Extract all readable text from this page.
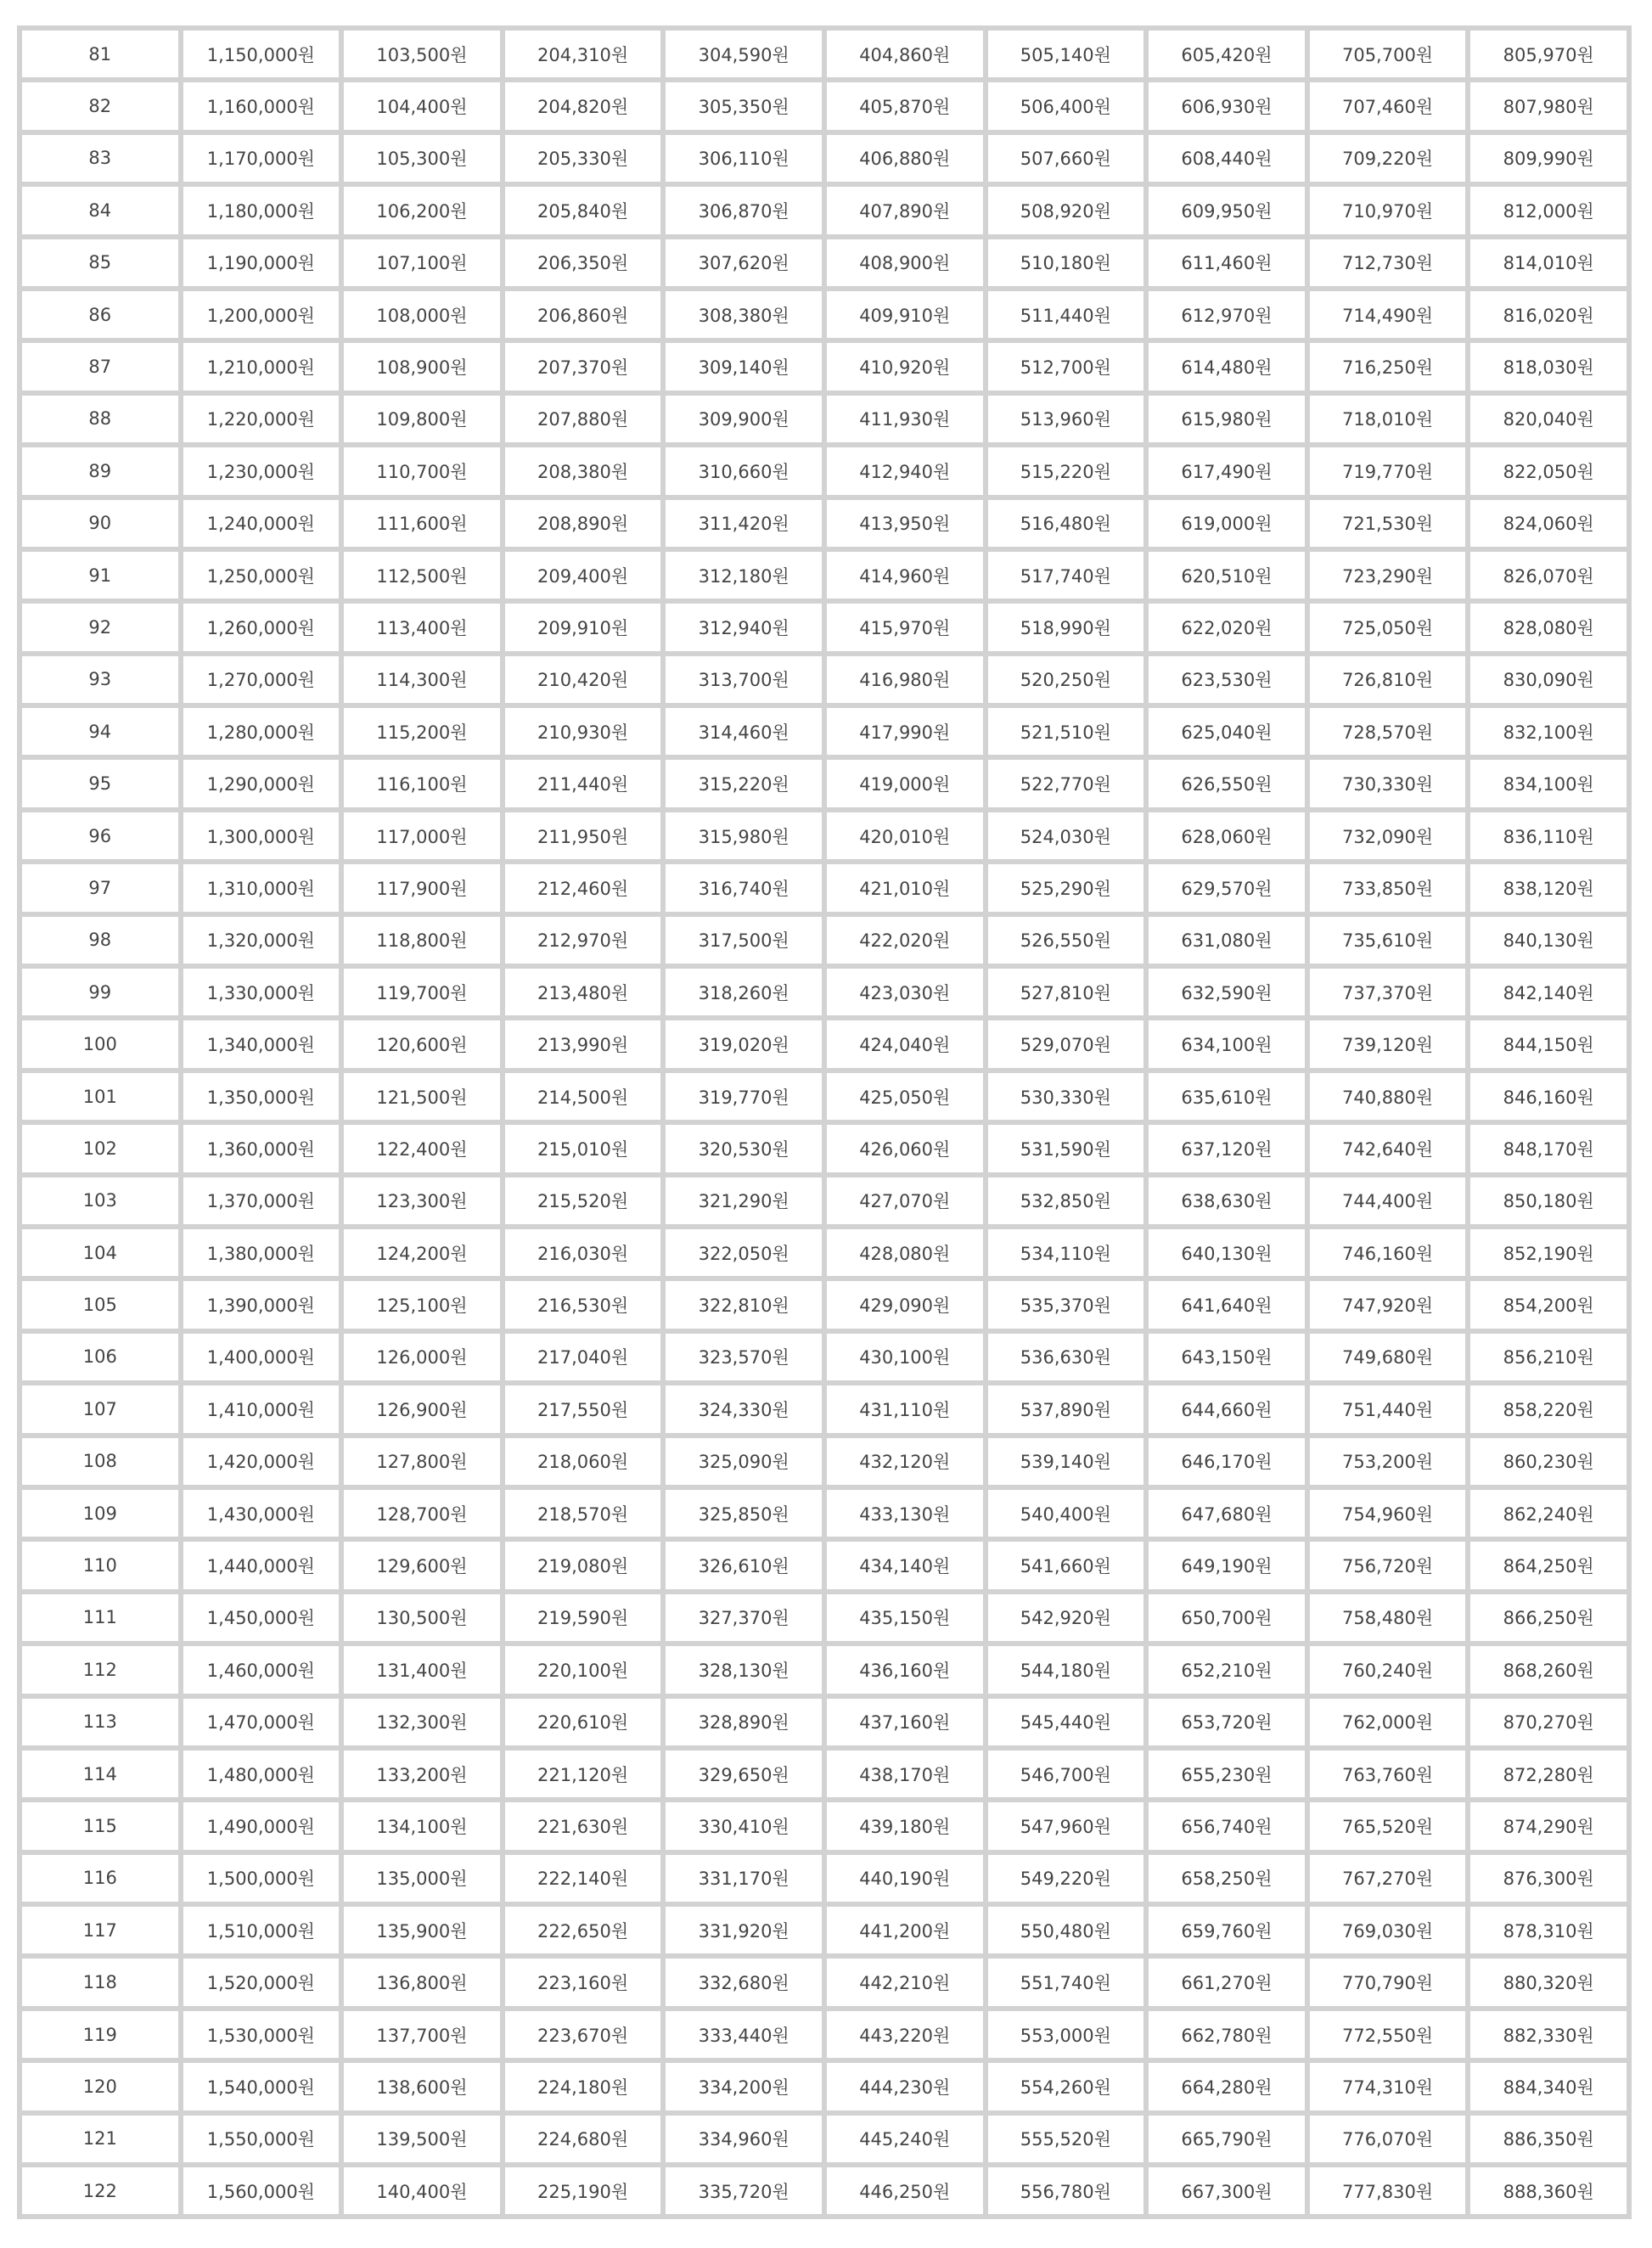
81	1,150,000원	103,500원	204,310원	304,590원	404,860원	505,140원	605,420원	705,700원	805,970원
82	1,160,000원	104,400원	204,820원	305,350원	405,870원	506,400원	606,930원	707,460원	807,980원
83	1,170,000원	105,300원	205,330원	306,110원	406,880원	507,660원	608,440원	709,220원	809,990원
84	1,180,000원	106,200원	205,840원	306,870원	407,890원	508,920원	609,950원	710,970원	812,000원
85	1,190,000원	107,100원	206,350원	307,620원	408,900원	510,180원	611,460원	712,730원	814,010원
86	1,200,000원	108,000원	206,860원	308,380원	409,910원	511,440원	612,970원	714,490원	816,020원
87	1,210,000원	108,900원	207,370원	309,140원	410,920원	512,700원	614,480원	716,250원	818,030원
88	1,220,000원	109,800원	207,880원	309,900원	411,930원	513,960원	615,980원	718,010원	820,040원
89	1,230,000원	110,700원	208,380원	310,660원	412,940원	515,220원	617,490원	719,770원	822,050원
90	1,240,000원	111,600원	208,890원	311,420원	413,950원	516,480원	619,000원	721,530원	824,060원
91	1,250,000원	112,500원	209,400원	312,180원	414,960원	517,740원	620,510원	723,290원	826,070원
92	1,260,000원	113,400원	209,910원	312,940원	415,970원	518,990원	622,020원	725,050원	828,080원
93	1,270,000원	114,300원	210,420원	313,700원	416,980원	520,250원	623,530원	726,810원	830,090원
94	1,280,000원	115,200원	210,930원	314,460원	417,990원	521,510원	625,040원	728,570원	832,100원
95	1,290,000원	116,100원	211,440원	315,220원	419,000원	522,770원	626,550원	730,330원	834,100원
96	1,300,000원	117,000원	211,950원	315,980원	420,010원	524,030원	628,060원	732,090원	836,110원
97	1,310,000원	117,900원	212,460원	316,740원	421,010원	525,290원	629,570원	733,850원	838,120원
98	1,320,000원	118,800원	212,970원	317,500원	422,020원	526,550원	631,080원	735,610원	840,130원
99	1,330,000원	119,700원	213,480원	318,260원	423,030원	527,810원	632,590원	737,370원	842,140원
100	1,340,000원	120,600원	213,990원	319,020원	424,040원	529,070원	634,100원	739,120원	844,150원
101	1,350,000원	121,500원	214,500원	319,770원	425,050원	530,330원	635,610원	740,880원	846,160원
102	1,360,000원	122,400원	215,010원	320,530원	426,060원	531,590원	637,120원	742,640원	848,170원
103	1,370,000원	123,300원	215,520원	321,290원	427,070원	532,850원	638,630원	744,400원	850,180원
104	1,380,000원	124,200원	216,030원	322,050원	428,080원	534,110원	640,130원	746,160원	852,190원
105	1,390,000원	125,100원	216,530원	322,810원	429,090원	535,370원	641,640원	747,920원	854,200원
106	1,400,000원	126,000원	217,040원	323,570원	430,100원	536,630원	643,150원	749,680원	856,210원
107	1,410,000원	126,900원	217,550원	324,330원	431,110원	537,890원	644,660원	751,440원	858,220원
108	1,420,000원	127,800원	218,060원	325,090원	432,120원	539,140원	646,170원	753,200원	860,230원
109	1,430,000원	128,700원	218,570원	325,850원	433,130원	540,400원	647,680원	754,960원	862,240원
110	1,440,000원	129,600원	219,080원	326,610원	434,140원	541,660원	649,190원	756,720원	864,250원
111	1,450,000원	130,500원	219,590원	327,370원	435,150원	542,920원	650,700원	758,480원	866,250원
112	1,460,000원	131,400원	220,100원	328,130원	436,160원	544,180원	652,210원	760,240원	868,260원
113	1,470,000원	132,300원	220,610원	328,890원	437,160원	545,440원	653,720원	762,000원	870,270원
114	1,480,000원	133,200원	221,120원	329,650원	438,170원	546,700원	655,230원	763,760원	872,280원
115	1,490,000원	134,100원	221,630원	330,410원	439,180원	547,960원	656,740원	765,520원	874,290원
116	1,500,000원	135,000원	222,140원	331,170원	440,190원	549,220원	658,250원	767,270원	876,300원
117	1,510,000원	135,900원	222,650원	331,920원	441,200원	550,480원	659,760원	769,030원	878,310원
118	1,520,000원	136,800원	223,160원	332,680원	442,210원	551,740원	661,270원	770,790원	880,320원
119	1,530,000원	137,700원	223,670원	333,440원	443,220원	553,000원	662,780원	772,550원	882,330원
120	1,540,000원	138,600원	224,180원	334,200원	444,230원	554,260원	664,280원	774,310원	884,340원
121	1,550,000원	139,500원	224,680원	334,960원	445,240원	555,520원	665,790원	776,070원	886,350원
122	1,560,000원	140,400원	225,190원	335,720원	446,250원	556,780원	667,300원	777,830원	888,360원
